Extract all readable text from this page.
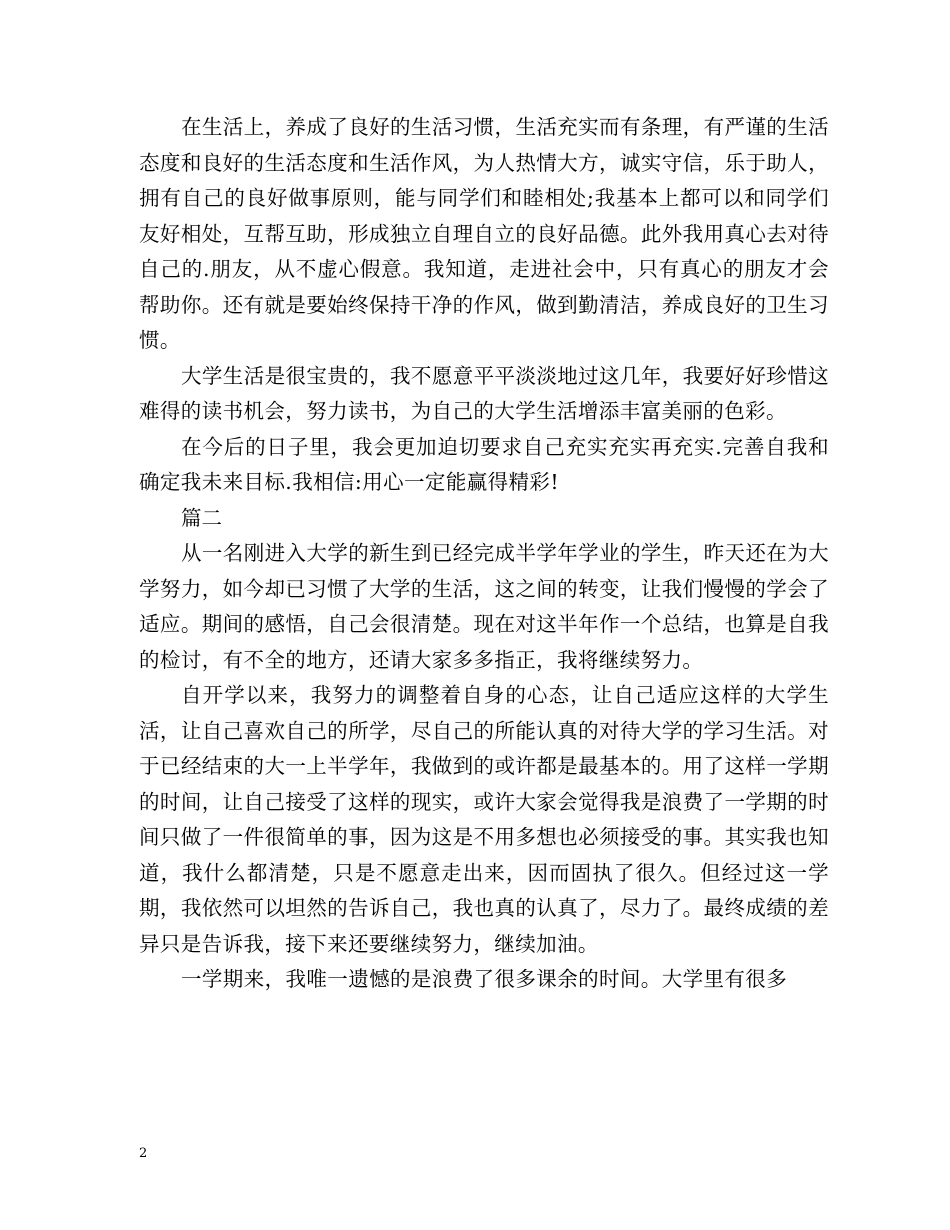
在生活上，养成了良好的生活习惯，生活充实而有条理，有严谨的生活态度和良好的生活态度和生活作风，为人热情大方，诚实守信，乐于助人，拥有自己的良好做事原则，能与同学们和睦相处;我基本上都可以和同学们友好相处，互帮互助，形成独立自理自立的良好品德。此外我用真心去对待自己的.朋友，从不虚心假意。我知道，走进社会中，只有真心的朋友才会帮助你。还有就是要始终保持干净的作风，做到勤清洁，养成良好的卫生习惯。

大学生活是很宝贵的，我不愿意平平淡淡地过这几年，我要好好珍惜这难得的读书机会，努力读书，为自己的大学生活增添丰富美丽的色彩。

在今后的日子里，我会更加迫切要求自己充实充实再充实.完善自我和确定我未来目标.我相信:用心一定能赢得精彩!

篇二

从一名刚进入大学的新生到已经完成半学年学业的学生，昨天还在为大学努力，如今却已习惯了大学的生活，这之间的转变，让我们慢慢的学会了适应。期间的感悟，自己会很清楚。现在对这半年作一个总结，也算是自我的检讨，有不全的地方，还请大家多多指正，我将继续努力。

自开学以来，我努力的调整着自身的心态，让自己适应这样的大学生活，让自己喜欢自己的所学，尽自己的所能认真的对待大学的学习生活。对于已经结束的大一上半学年，我做到的或许都是最基本的。用了这样一学期的时间，让自己接受了这样的现实，或许大家会觉得我是浪费了一学期的时间只做了一件很简单的事，因为这是不用多想也必须接受的事。其实我也知道，我什么都清楚，只是不愿意走出来，因而固执了很久。但经过这一学期，我依然可以坦然的告诉自己，我也真的认真了，尽力了。最终成绩的差异只是告诉我，接下来还要继续努力，继续加油。

一学期来，我唯一遗憾的是浪费了很多课余的时间。大学里有很多

2
